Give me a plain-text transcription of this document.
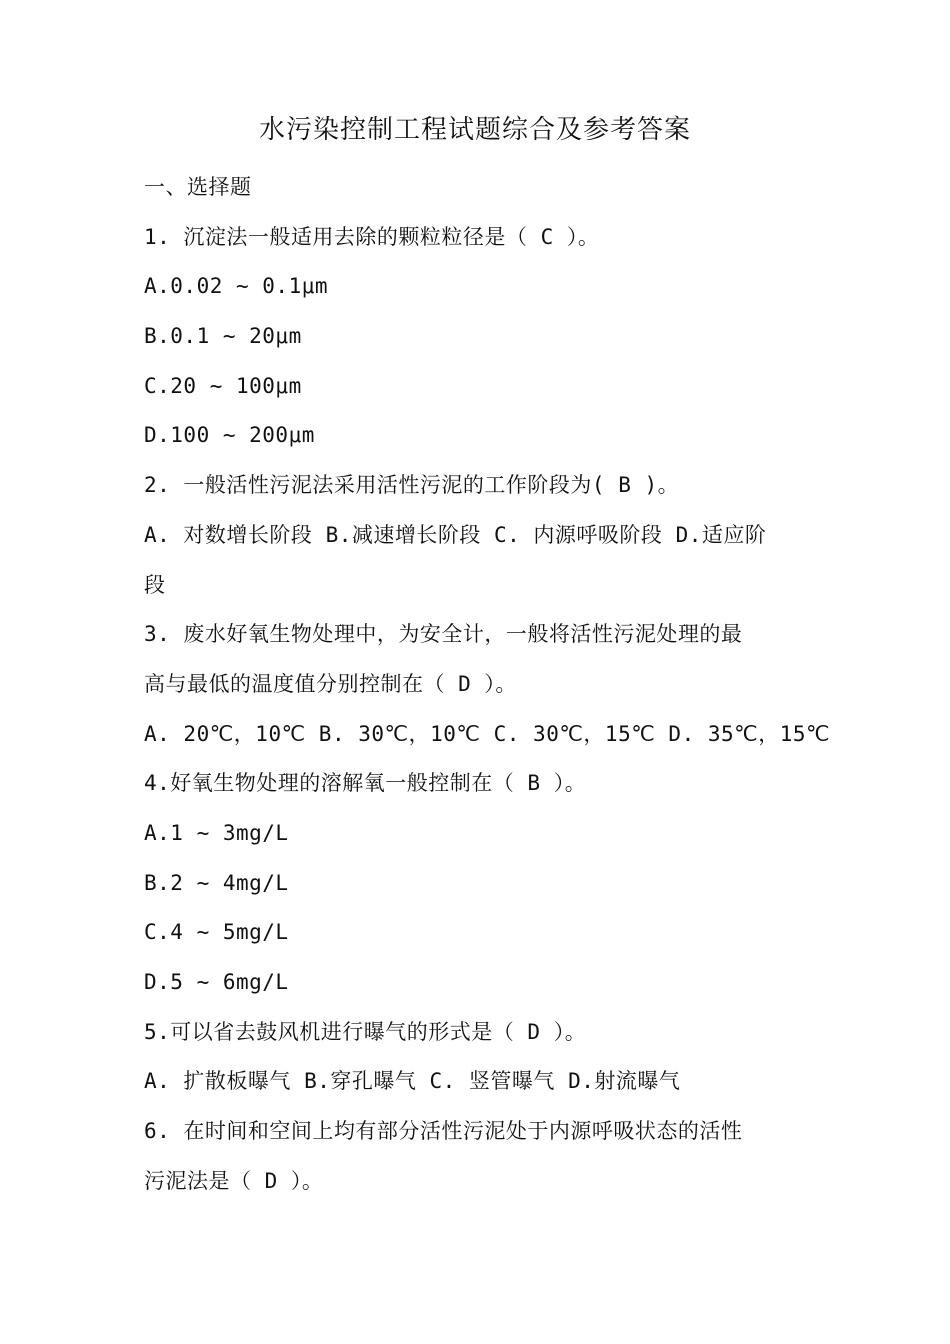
水污染控制工程试题综合及参考答案
一、选择题
1. 沉淀法一般适用去除的颗粒粒径是（ C ）。
A.0.02 ~ 0.1μm
B.0.1 ~ 20μm
C.20 ~ 100μm
D.100 ~ 200μm
2. 一般活性污泥法采用活性污泥的工作阶段为( B )。
A. 对数增长阶段 B.减速增长阶段 C. 内源呼吸阶段 D.适应阶
段
3. 废水好氧生物处理中，为安全计，一般将活性污泥处理的最
高与最低的温度值分别控制在（ D ）。
A. 20℃，10℃ B. 30℃，10℃ C. 30℃，15℃ D. 35℃，15℃
4.好氧生物处理的溶解氧一般控制在（ B ）。
A.1 ~ 3mg/L
B.2 ~ 4mg/L
C.4 ~ 5mg/L
D.5 ~ 6mg/L
5.可以省去鼓风机进行曝气的形式是（ D ）。
A. 扩散板曝气 B.穿孔曝气 C. 竖管曝气 D.射流曝气
6. 在时间和空间上均有部分活性污泥处于内源呼吸状态的活性
污泥法是（ D ）。
